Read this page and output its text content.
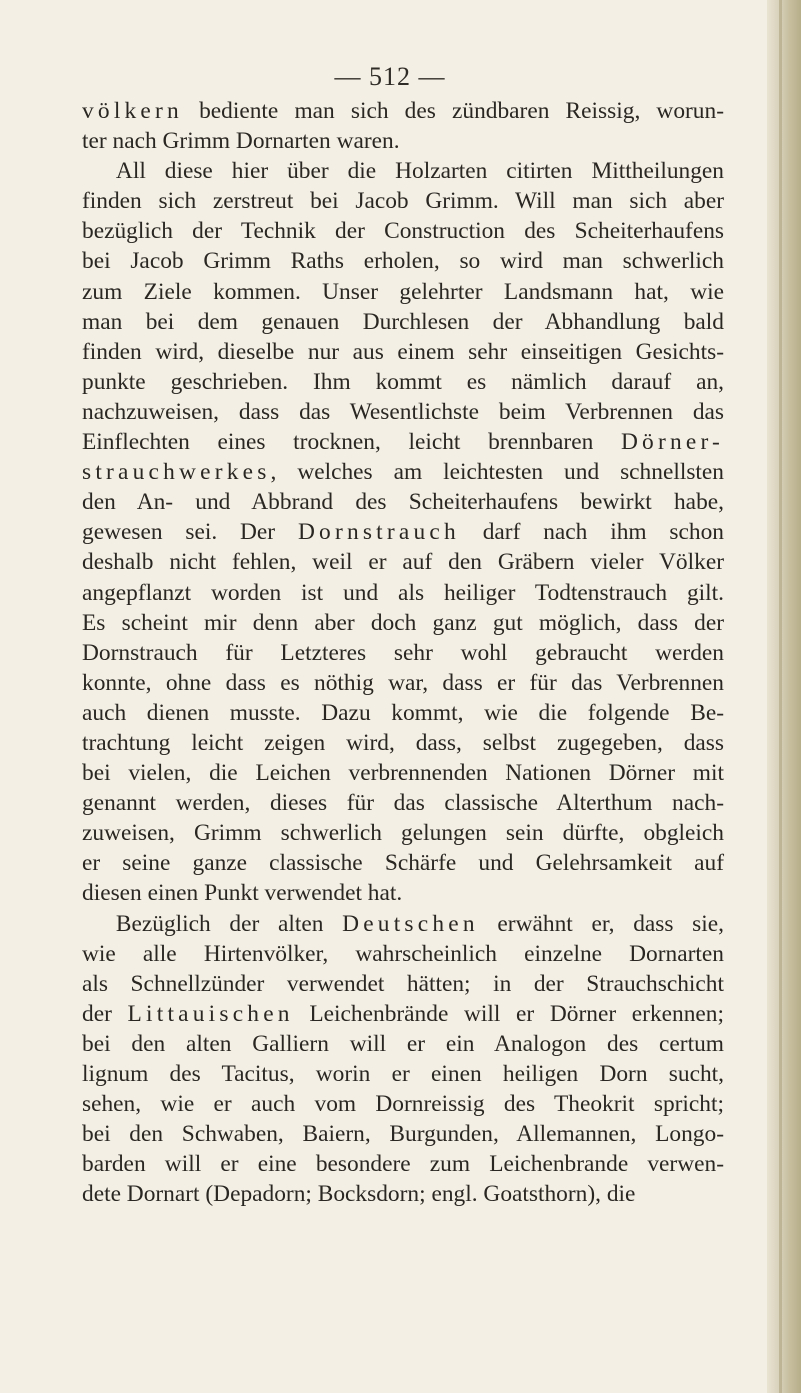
— 512 —
völkern bediente man sich des zündbaren Reissig, worun-
ter nach Grimm Dornarten waren.
All diese hier über die Holzarten citirten Mittheilungen
finden sich zerstreut bei Jacob Grimm. Will man sich aber
bezüglich der Technik der Construction des Scheiterhaufens
bei Jacob Grimm Raths erholen, so wird man schwerlich
zum Ziele kommen. Unser gelehrter Landsmann hat, wie
man bei dem genauen Durchlesen der Abhandlung bald
finden wird, dieselbe nur aus einem sehr einseitigen Gesichts-
punkte geschrieben. Ihm kommt es nämlich darauf an,
nachzuweisen, dass das Wesentlichste beim Verbrennen das
Einflechten eines trocknen, leicht brennbaren Dörner-
strauchwerkes, welches am leichtesten und schnellsten
den An- und Abbrand des Scheiterhaufens bewirkt habe,
gewesen sei. Der Dornstrauch darf nach ihm schon
deshalb nicht fehlen, weil er auf den Gräbern vieler Völker
angepflanzt worden ist und als heiliger Todtenstrauch gilt.
Es scheint mir denn aber doch ganz gut möglich, dass der
Dornstrauch für Letzteres sehr wohl gebraucht werden
konnte, ohne dass es nöthig war, dass er für das Verbrennen
auch dienen musste. Dazu kommt, wie die folgende Be-
trachtung leicht zeigen wird, dass, selbst zugegeben, dass
bei vielen, die Leichen verbrennenden Nationen Dörner mit
genannt werden, dieses für das classische Alterthum nach-
zuweisen, Grimm schwerlich gelungen sein dürfte, obgleich
er seine ganze classische Schärfe und Gelehrsamkeit auf
diesen einen Punkt verwendet hat.
Bezüglich der alten Deutschen erwähnt er, dass sie,
wie alle Hirtenvölker, wahrscheinlich einzelne Dornarten
als Schnellzünder verwendet hätten; in der Strauchschicht
der Littauischen Leichenbrände will er Dörner erkennen;
bei den alten Galliern will er ein Analogon des certum
lignum des Tacitus, worin er einen heiligen Dorn sucht,
sehen, wie er auch vom Dornreissig des Theokrit spricht;
bei den Schwaben, Baiern, Burgunden, Allemannen, Longo-
barden will er eine besondere zum Leichenbrande verwen-
dete Dornart (Depadorn; Bocksdorn; engl. Goatsthorn), die
